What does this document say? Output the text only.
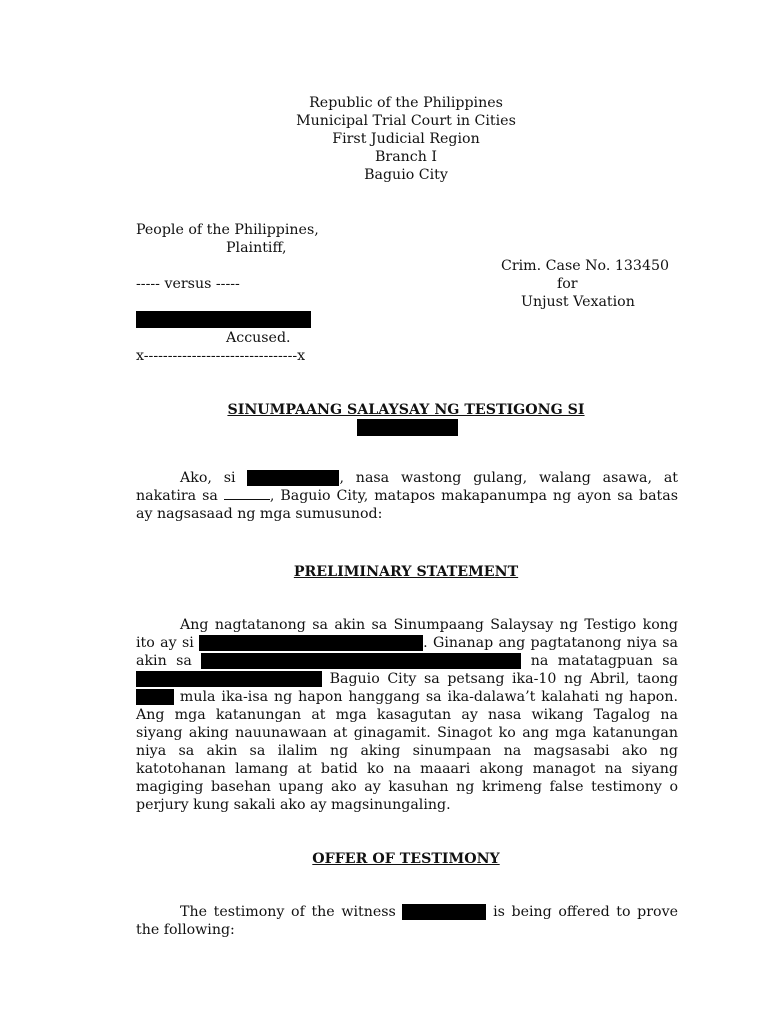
Republic of the Philippines
Municipal Trial Court in Cities
First Judicial Region
Branch I
Baguio City
People of the Philippines,
Plaintiff,
Crim. Case No. 133450
----- versus -----	for
Unjust Vexation
Accused.
x--------------------------------x
SINUMPAANG SALAYSAY NG TESTIGONG SI
Ako, si	, nasa wastong gulang, walang asawa, at
nakatira sa	, Baguio City, matapos makapanumpa ng ayon sa batas
ay nagsasaad ng mga sumusunod:
PRELIMINARY STATEMENT
Ang nagtatanong sa akin sa Sinumpaang Salaysay ng Testigo kong
ito ay si	. Ginanap ang pagtatanong niya sa
akin sa	na matatagpuan sa
Baguio City sa petsang ika-10 ng Abril, taong
mula ika-isa ng hapon hanggang sa ika-dalawa’t kalahati ng hapon.
Ang mga katanungan at mga kasagutan ay nasa wikang Tagalog na
siyang aking nauunawaan at ginagamit. Sinagot ko ang mga katanungan
niya sa akin sa ilalim ng aking sinumpaan na magsasabi ako ng
katotohanan lamang at batid ko na maaari akong managot na siyang
magiging basehan upang ako ay kasuhan ng krimeng false testimony o
perjury kung sakali ako ay magsinungaling.
OFFER OF TESTIMONY
The testimony of the witness	is being offered to prove
the following:
